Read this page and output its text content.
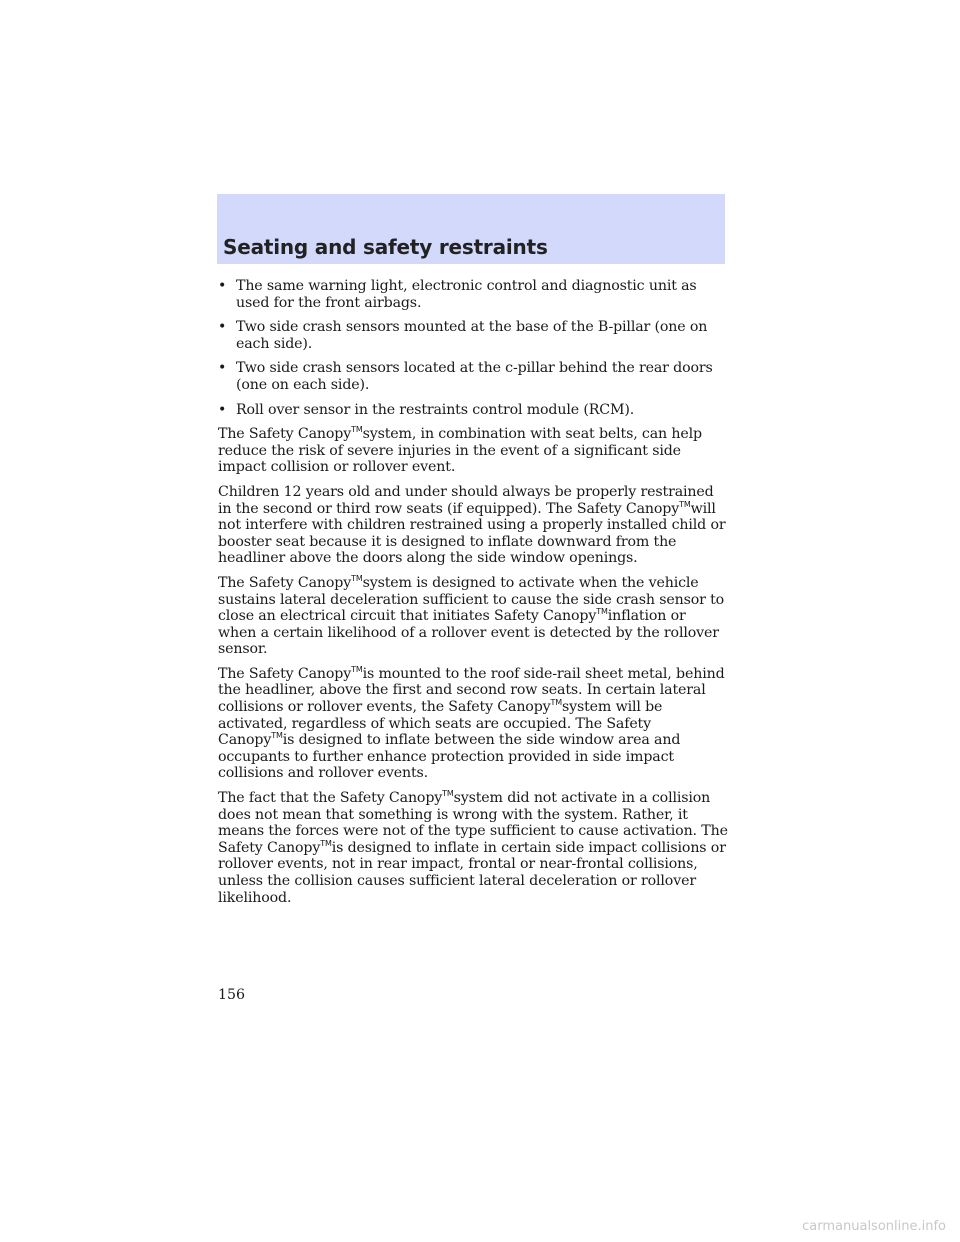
Seating and safety restraints
• The same warning light, electronic control and diagnostic unit as used for the front airbags.
• Two side crash sensors mounted at the base of the B-pillar (one on each side).
• Two side crash sensors located at the c-pillar behind the rear doors (one on each side).
• Roll over sensor in the restraints control module (RCM).

The Safety Canopy™system, in combination with seat belts, can help reduce the risk of severe injuries in the event of a significant side impact collision or rollover event.

Children 12 years old and under should always be properly restrained in the second or third row seats (if equipped). The Safety Canopy™will not interfere with children restrained using a properly installed child or booster seat because it is designed to inflate downward from the headliner above the doors along the side window openings.

The Safety Canopy™system is designed to activate when the vehicle sustains lateral deceleration sufficient to cause the side crash sensor to close an electrical circuit that initiates Safety Canopy™inflation or when a certain likelihood of a rollover event is detected by the rollover sensor.

The Safety Canopy™is mounted to the roof side-rail sheet metal, behind the headliner, above the first and second row seats. In certain lateral collisions or rollover events, the Safety Canopy™system will be activated, regardless of which seats are occupied. The Safety Canopy™is designed to inflate between the side window area and occupants to further enhance protection provided in side impact collisions and rollover events.

The fact that the Safety Canopy™system did not activate in a collision does not mean that something is wrong with the system. Rather, it means the forces were not of the type sufficient to cause activation. The Safety Canopy™is designed to inflate in certain side impact collisions or rollover events, not in rear impact, frontal or near-frontal collisions, unless the collision causes sufficient lateral deceleration or rollover likelihood.

156

carmanualsonline.info
